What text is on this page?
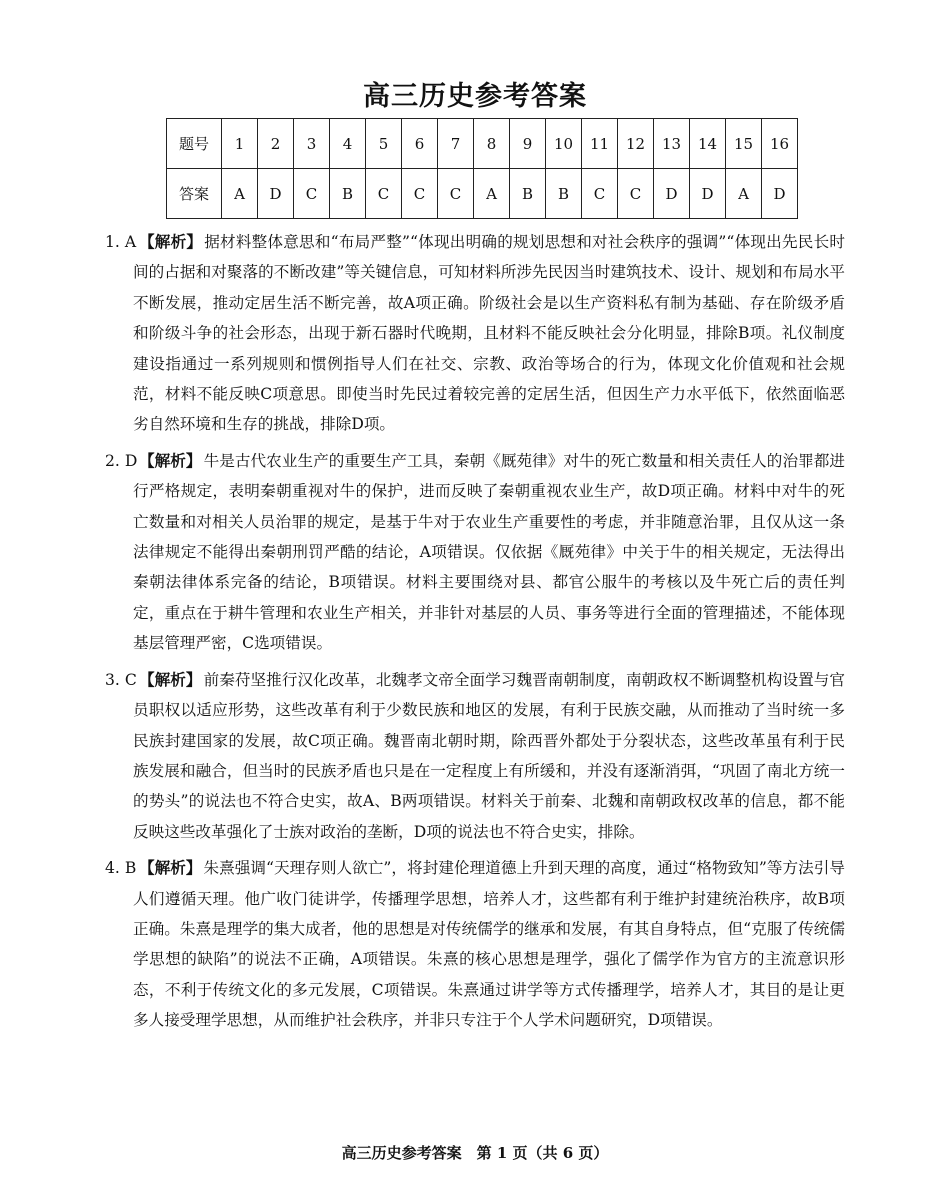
高三历史参考答案
题号	1	2	3	4	5	6	7	8	9	10	11	12	13	14	15	16
答案	A	D	C	B	C	C	C	A	B	B	C	C	D	D	A	D
1. A 【解析】 据材料整体意思和“布局严整”“体现出明确的规划思想和对社会秩序的强调”“体现出先民长时间的占据和对聚落的不断改建”等关键信息，可知材料所涉先民因当时建筑技术、设计、规划和布局水平不断发展，推动定居生活不断完善，故A项正确。阶级社会是以生产资料私有制为基础、存在阶级矛盾和阶级斗争的社会形态，出现于新石器时代晚期，且材料不能反映社会分化明显，排除B项。礼仪制度建设指通过一系列规则和惯例指导人们在社交、宗教、政治等场合的行为，体现文化价值观和社会规范，材料不能反映C项意思。即使当时先民过着较完善的定居生活，但因生产力水平低下，依然面临恶劣自然环境和生存的挑战，排除D项。
2. D 【解析】 牛是古代农业生产的重要生产工具，秦朝《厩苑律》对牛的死亡数量和相关责任人的治罪都进行严格规定，表明秦朝重视对牛的保护，进而反映了秦朝重视农业生产，故D项正确。材料中对牛的死亡数量和对相关人员治罪的规定，是基于牛对于农业生产重要性的考虑，并非随意治罪，且仅从这一条法律规定不能得出秦朝刑罚严酷的结论，A项错误。仅依据《厩苑律》中关于牛的相关规定，无法得出秦朝法律体系完备的结论，B项错误。材料主要围绕对县、都官公服牛的考核以及牛死亡后的责任判定，重点在于耕牛管理和农业生产相关，并非针对基层的人员、事务等进行全面的管理描述，不能体现基层管理严密，C选项错误。
3. C 【解析】 前秦苻坚推行汉化改革，北魏孝文帝全面学习魏晋南朝制度，南朝政权不断调整机构设置与官员职权以适应形势，这些改革有利于少数民族和地区的发展，有利于民族交融，从而推动了当时统一多民族封建国家的发展，故C项正确。魏晋南北朝时期，除西晋外都处于分裂状态，这些改革虽有利于民族发展和融合，但当时的民族矛盾也只是在一定程度上有所缓和，并没有逐渐消弭，“巩固了南北方统一的势头”的说法也不符合史实，故A、B两项错误。材料关于前秦、北魏和南朝政权改革的信息，都不能反映这些改革强化了士族对政治的垄断，D项的说法也不符合史实，排除。
4. B 【解析】 朱熹强调“天理存则人欲亡”，将封建伦理道德上升到天理的高度，通过“格物致知”等方法引导人们遵循天理。他广收门徒讲学，传播理学思想，培养人才，这些都有利于维护封建统治秩序，故B项正确。朱熹是理学的集大成者，他的思想是对传统儒学的继承和发展，有其自身特点，但“克服了传统儒学思想的缺陷”的说法不正确，A项错误。朱熹的核心思想是理学，强化了儒学作为官方的主流意识形态，不利于传统文化的多元发展，C项错误。朱熹通过讲学等方式传播理学，培养人才，其目的是让更多人接受理学思想，从而维护社会秩序，并非只专注于个人学术问题研究，D项错误。
高三历史参考答案　第 1 页（共 6 页）
